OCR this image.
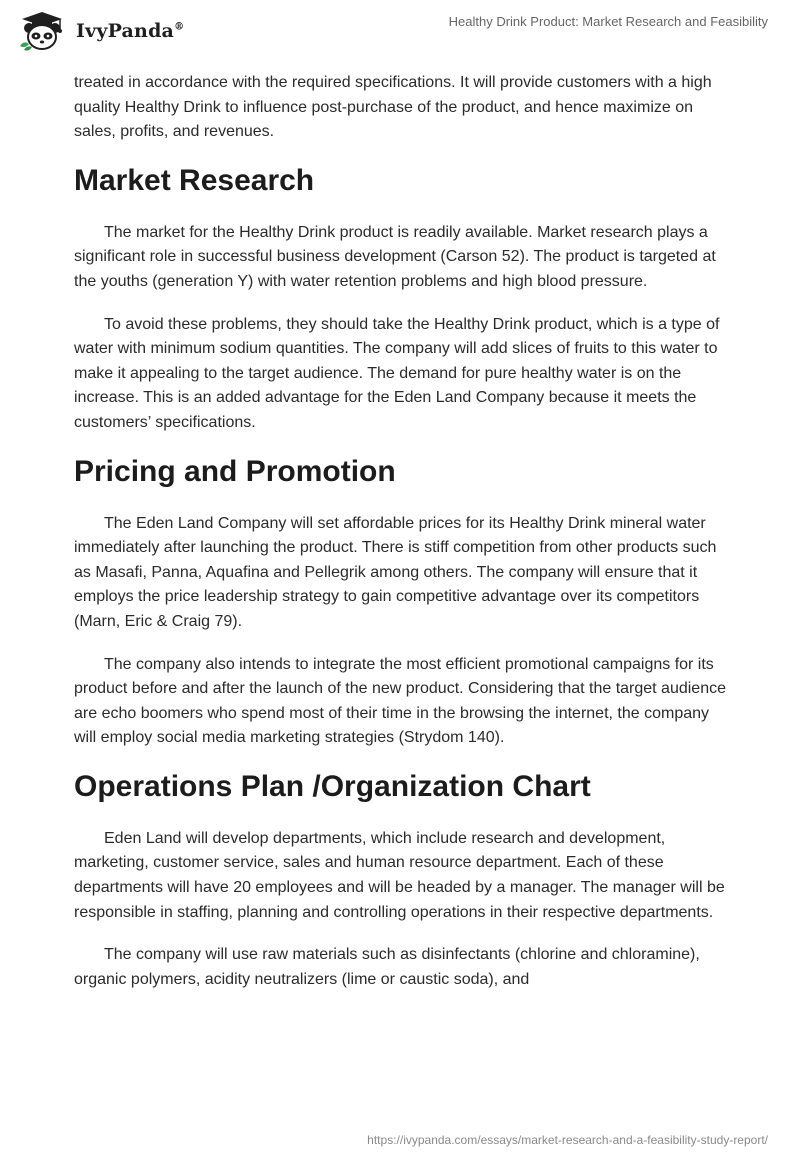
IvyPanda®	Healthy Drink Product: Market Research and Feasibility

treated in accordance with the required specifications. It will provide customers with a high quality Healthy Drink to influence post-purchase of the product, and hence maximize on sales, profits, and revenues.

Market Research

The market for the Healthy Drink product is readily available. Market research plays a significant role in successful business development (Carson 52). The product is targeted at the youths (generation Y) with water retention problems and high blood pressure.

To avoid these problems, they should take the Healthy Drink product, which is a type of water with minimum sodium quantities. The company will add slices of fruits to this water to make it appealing to the target audience. The demand for pure healthy water is on the increase. This is an added advantage for the Eden Land Company because it meets the customers’ specifications.

Pricing and Promotion

The Eden Land Company will set affordable prices for its Healthy Drink mineral water immediately after launching the product. There is stiff competition from other products such as Masafi, Panna, Aquafina and Pellegrik among others. The company will ensure that it employs the price leadership strategy to gain competitive advantage over its competitors (Marn, Eric & Craig 79).

The company also intends to integrate the most efficient promotional campaigns for its product before and after the launch of the new product. Considering that the target audience are echo boomers who spend most of their time in the browsing the internet, the company will employ social media marketing strategies (Strydom 140).

Operations Plan /Organization Chart

Eden Land will develop departments, which include research and development, marketing, customer service, sales and human resource department. Each of these departments will have 20 employees and will be headed by a manager. The manager will be responsible in staffing, planning and controlling operations in their respective departments.

The company will use raw materials such as disinfectants (chlorine and chloramine), organic polymers, acidity neutralizers (lime or caustic soda), and

https://ivypanda.com/essays/market-research-and-a-feasibility-study-report/
